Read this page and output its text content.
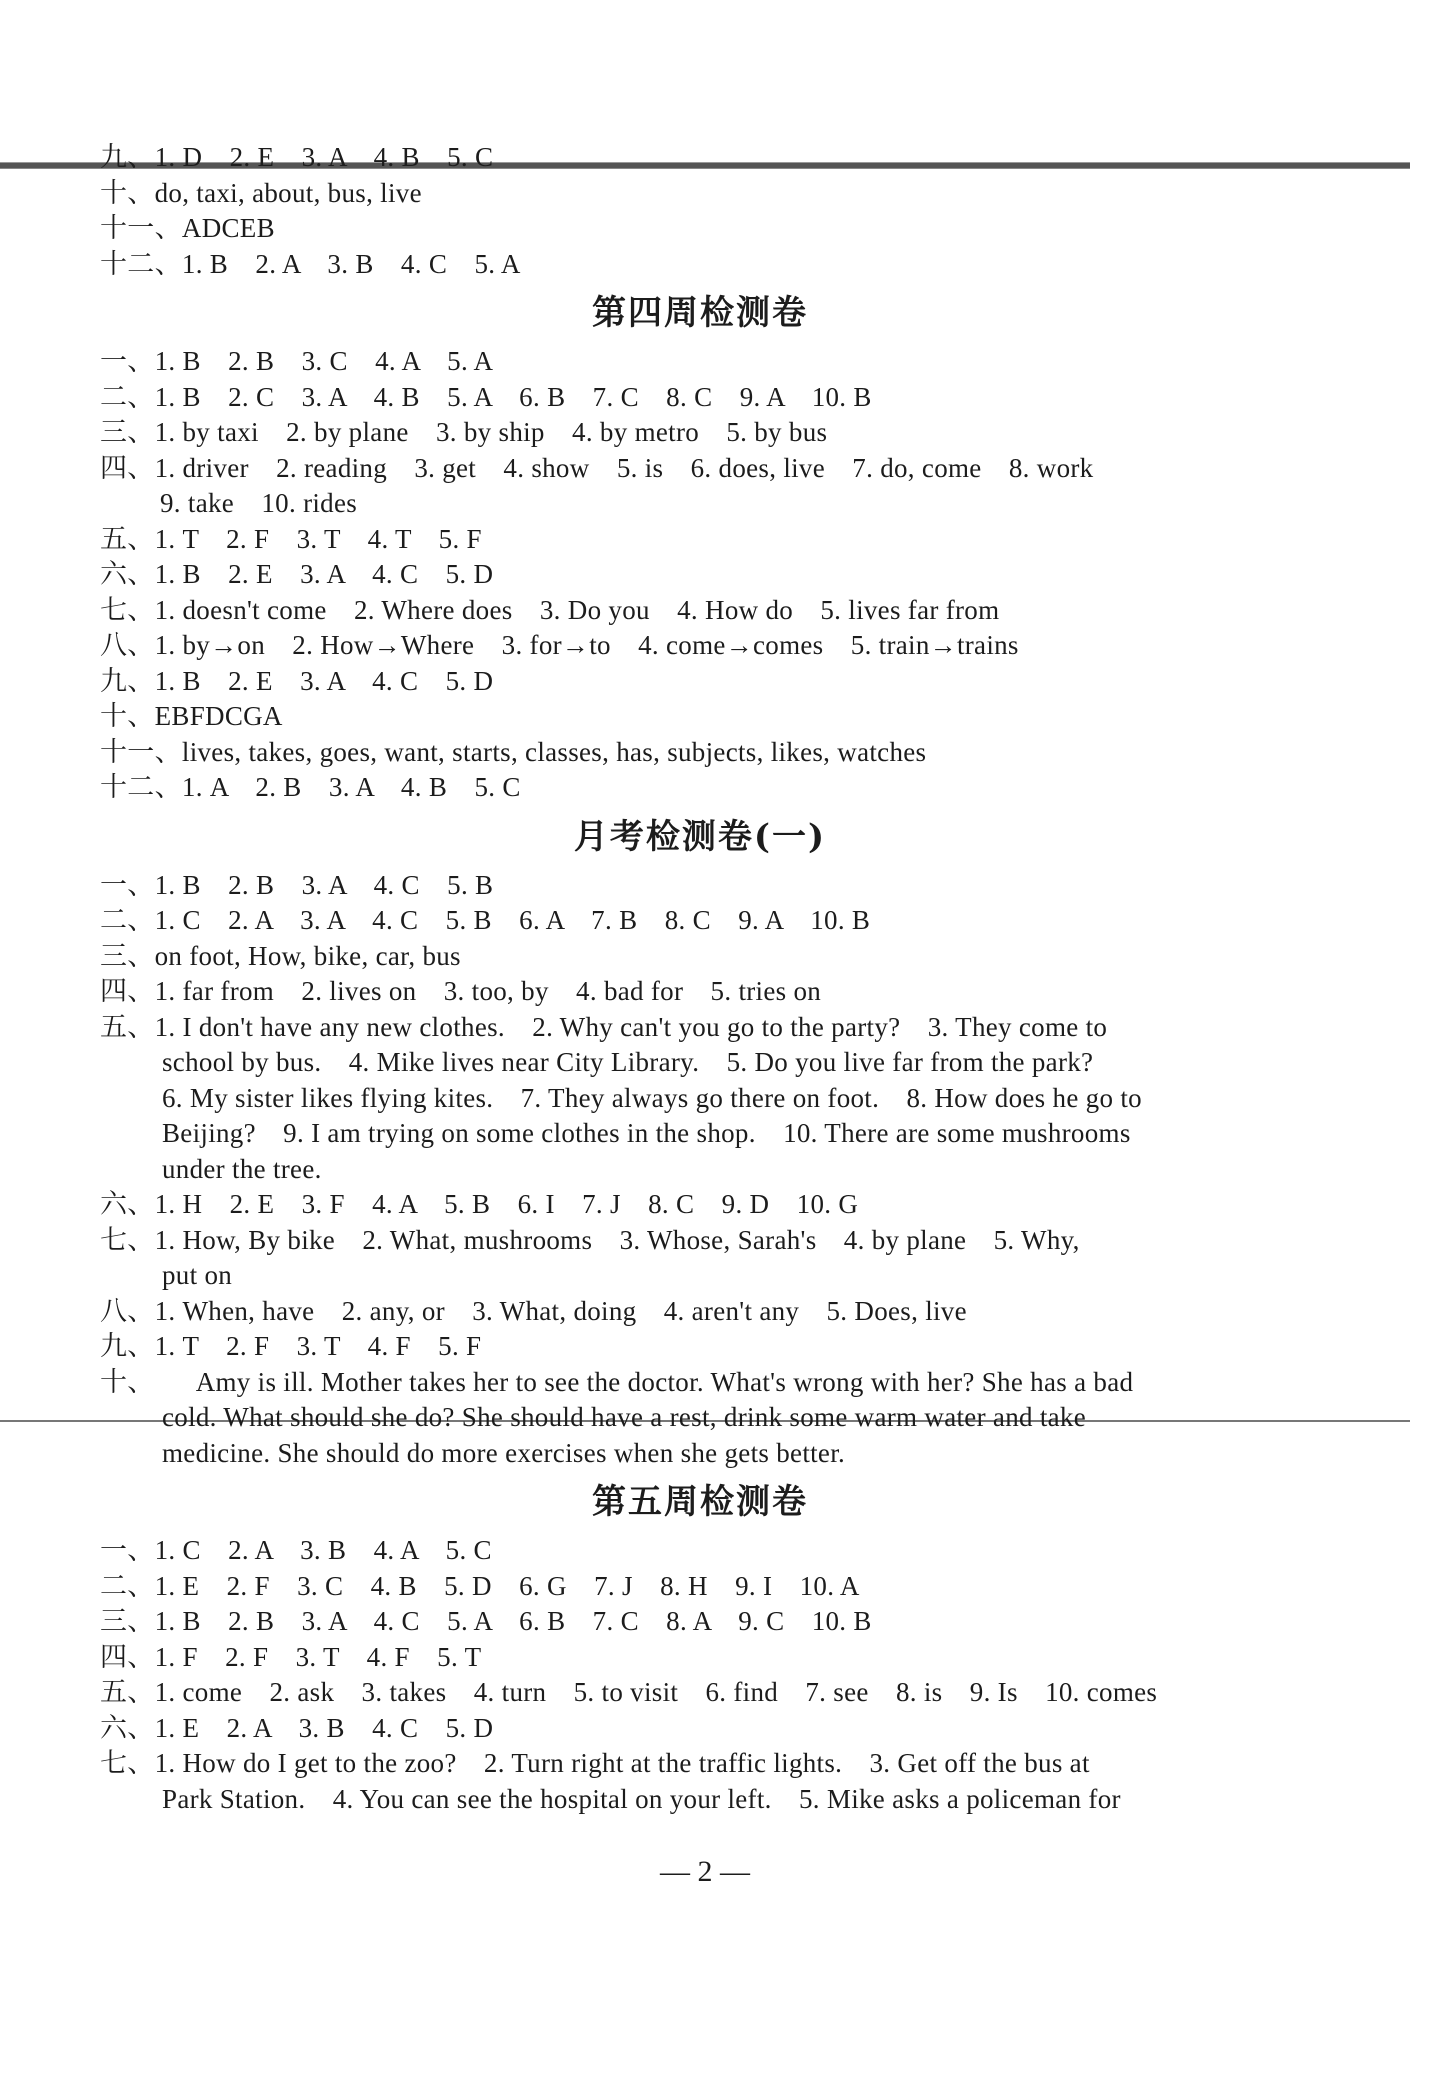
九、1. D　2. E　3. A　4. B　5. C
十、do, taxi, about, bus, live
十一、ADCEB
十二、1. B　2. A　3. B　4. C　5. A
第四周检测卷
一、1. B　2. B　3. C　4. A　5. A
二、1. B　2. C　3. A　4. B　5. A　6. B　7. C　8. C　9. A　10. B
三、1. by taxi　2. by plane　3. by ship　4. by metro　5. by bus
四、1. driver　2. reading　3. get　4. show　5. is　6. does, live　7. do, come　8. work
9. take　10. rides
五、1. T　2. F　3. T　4. T　5. F
六、1. B　2. E　3. A　4. C　5. D
七、1. doesn't come　2. Where does　3. Do you　4. How do　5. lives far from
八、1. by→on　2. How→Where　3. for→to　4. come→comes　5. train→trains
九、1. B　2. E　3. A　4. C　5. D
十、EBFDCGA
十一、lives, takes, goes, want, starts, classes, has, subjects, likes, watches
十二、1. A　2. B　3. A　4. B　5. C
月考检测卷(一)
一、1. B　2. B　3. A　4. C　5. B
二、1. C　2. A　3. A　4. C　5. B　6. A　7. B　8. C　9. A　10. B
三、on foot, How, bike, car, bus
四、1. far from　2. lives on　3. too, by　4. bad for　5. tries on
五、1. I don't have any new clothes.　2. Why can't you go to the party?　3. They come to
school by bus.　4. Mike lives near City Library.　5. Do you live far from the park?
6. My sister likes flying kites.　7. They always go there on foot.　8. How does he go to
Beijing?　9. I am trying on some clothes in the shop.　10. There are some mushrooms
under the tree.
六、1. H　2. E　3. F　4. A　5. B　6. I　7. J　8. C　9. D　10. G
七、1. How, By bike　2. What, mushrooms　3. Whose, Sarah's　4. by plane　5. Why,
put on
八、1. When, have　2. any, or　3. What, doing　4. aren't any　5. Does, live
九、1. T　2. F　3. T　4. F　5. F
十、　　Amy is ill. Mother takes her to see the doctor. What's wrong with her? She has a bad
cold. What should she do? She should have a rest, drink some warm water and take
medicine. She should do more exercises when she gets better.
第五周检测卷
一、1. C　2. A　3. B　4. A　5. C
二、1. E　2. F　3. C　4. B　5. D　6. G　7. J　8. H　9. I　10. A
三、1. B　2. B　3. A　4. C　5. A　6. B　7. C　8. A　9. C　10. B
四、1. F　2. F　3. T　4. F　5. T
五、1. come　2. ask　3. takes　4. turn　5. to visit　6. find　7. see　8. is　9. Is　10. comes
六、1. E　2. A　3. B　4. C　5. D
七、1. How do I get to the zoo?　2. Turn right at the traffic lights.　3. Get off the bus at
Park Station.　4. You can see the hospital on your left.　5. Mike asks a policeman for
— 2 —
